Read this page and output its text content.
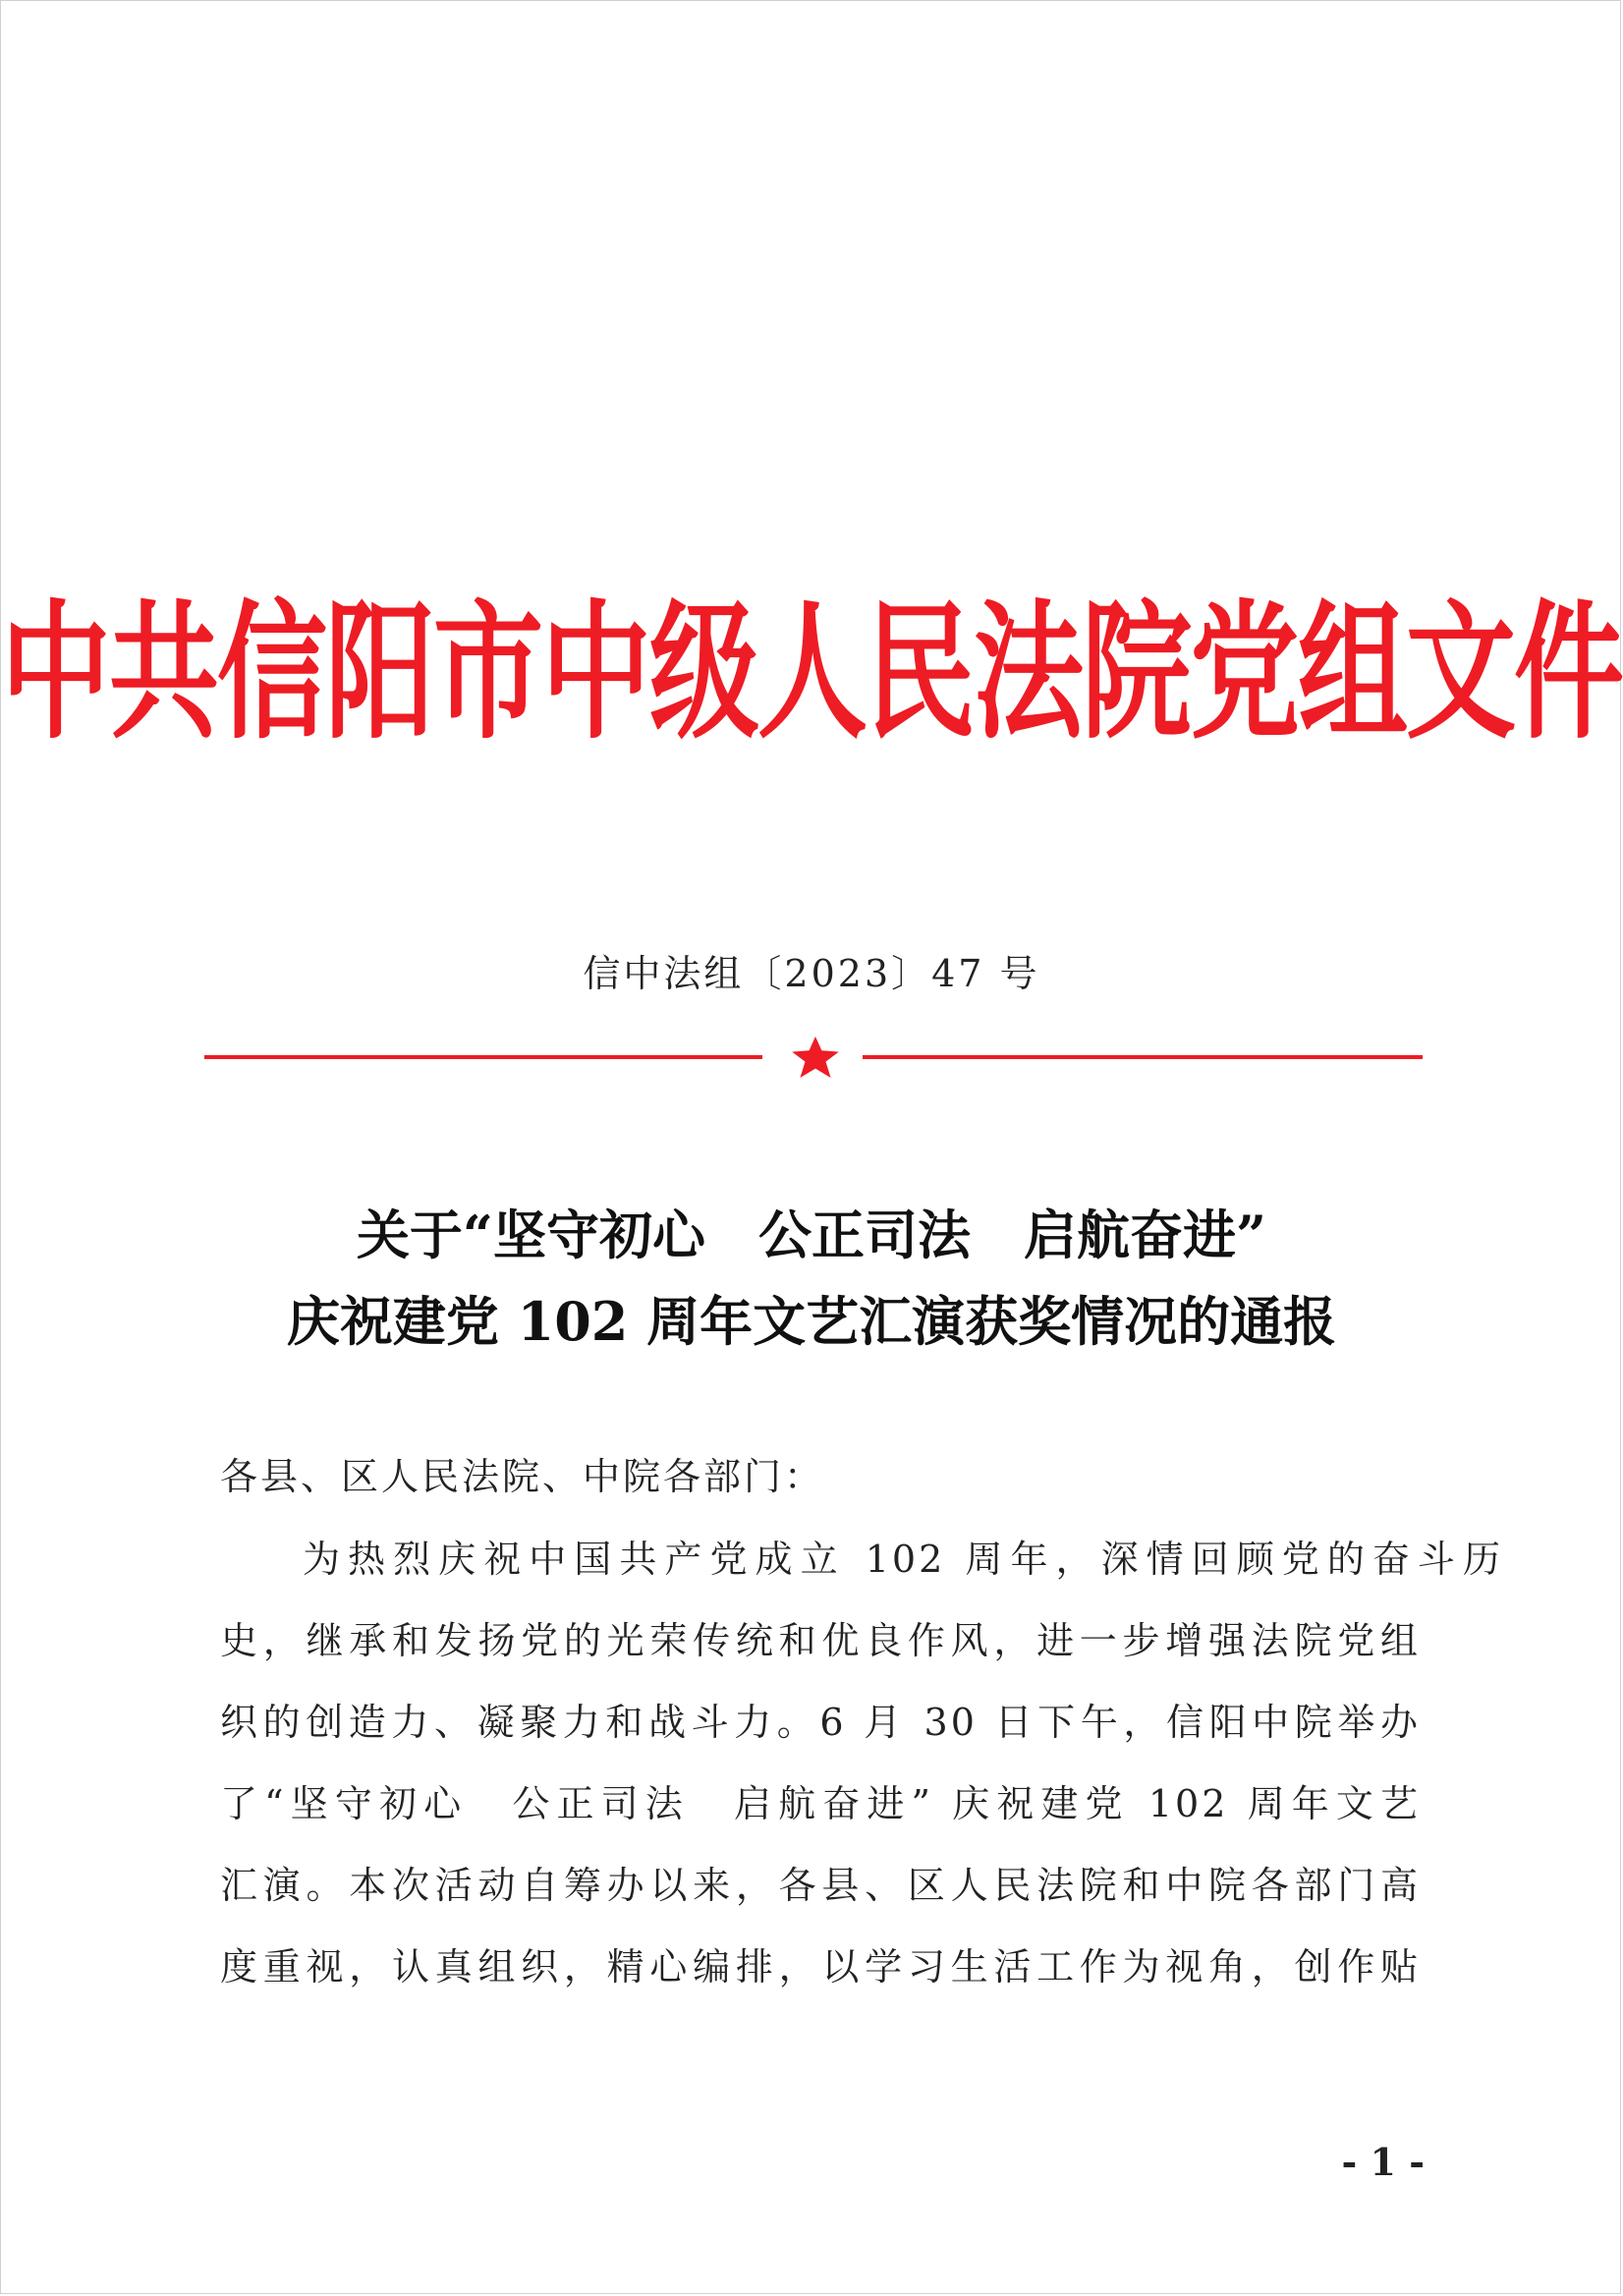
中共信阳市中级人民法院党组文件
信中法组〔2023〕47 号
关于“坚守初心　公正司法　启航奋进”
庆祝建党 102 周年文艺汇演获奖情况的通报
各县、区人民法院、中院各部门：
为热烈庆祝中国共产党成立 102 周年，深情回顾党的奋斗历
史，继承和发扬党的光荣传统和优良作风，进一步增强法院党组
织的创造力、凝聚力和战斗力。6 月 30 日下午，信阳中院举办
了“坚守初心　公正司法　启航奋进” 庆祝建党 102 周年文艺
汇演。本次活动自筹办以来，各县、区人民法院和中院各部门高
度重视，认真组织，精心编排，以学习生活工作为视角，创作贴
- 1 -
